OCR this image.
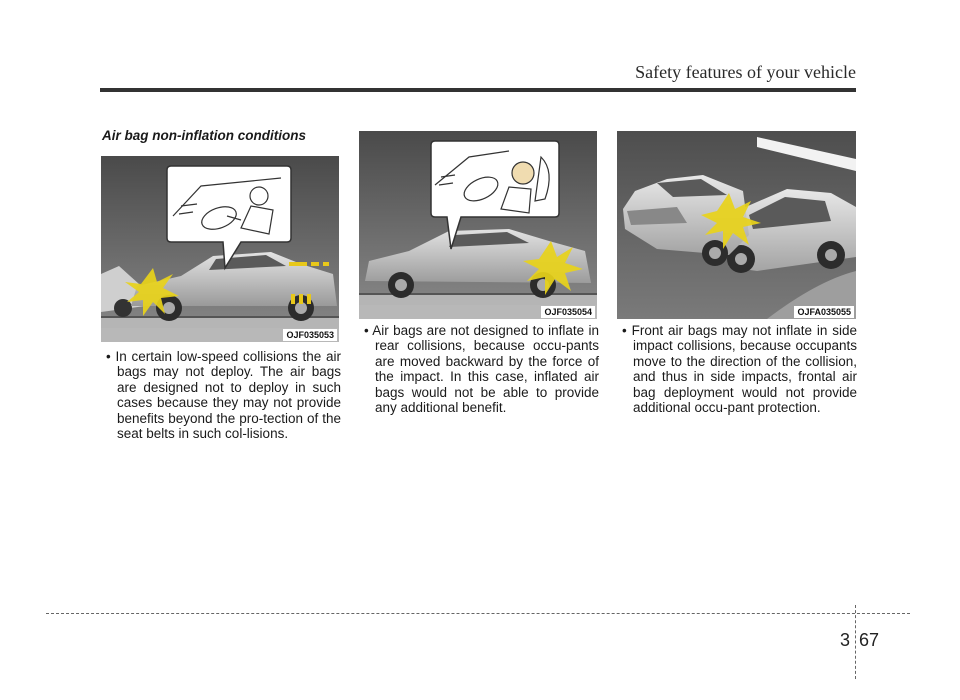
Safety features of your vehicle
Air bag non-inflation conditions
OJF035053
OJF035054	OJFA035055
• In certain low-speed collisions the air bags may not deploy. The air bags are designed not to deploy in such cases because they may not provide benefits beyond the pro-tection of the seat belts in such col-lisions.
• Air bags are not designed to inflate in rear collisions, because occu-pants are moved backward by the force of the impact. In this case, inflated air bags would not be able to provide any additional benefit.
• Front air bags may not inflate in side impact collisions, because occupants move to the direction of the collision, and thus in side impacts, frontal air bag deployment would not provide additional occu-pant protection.
3 67
